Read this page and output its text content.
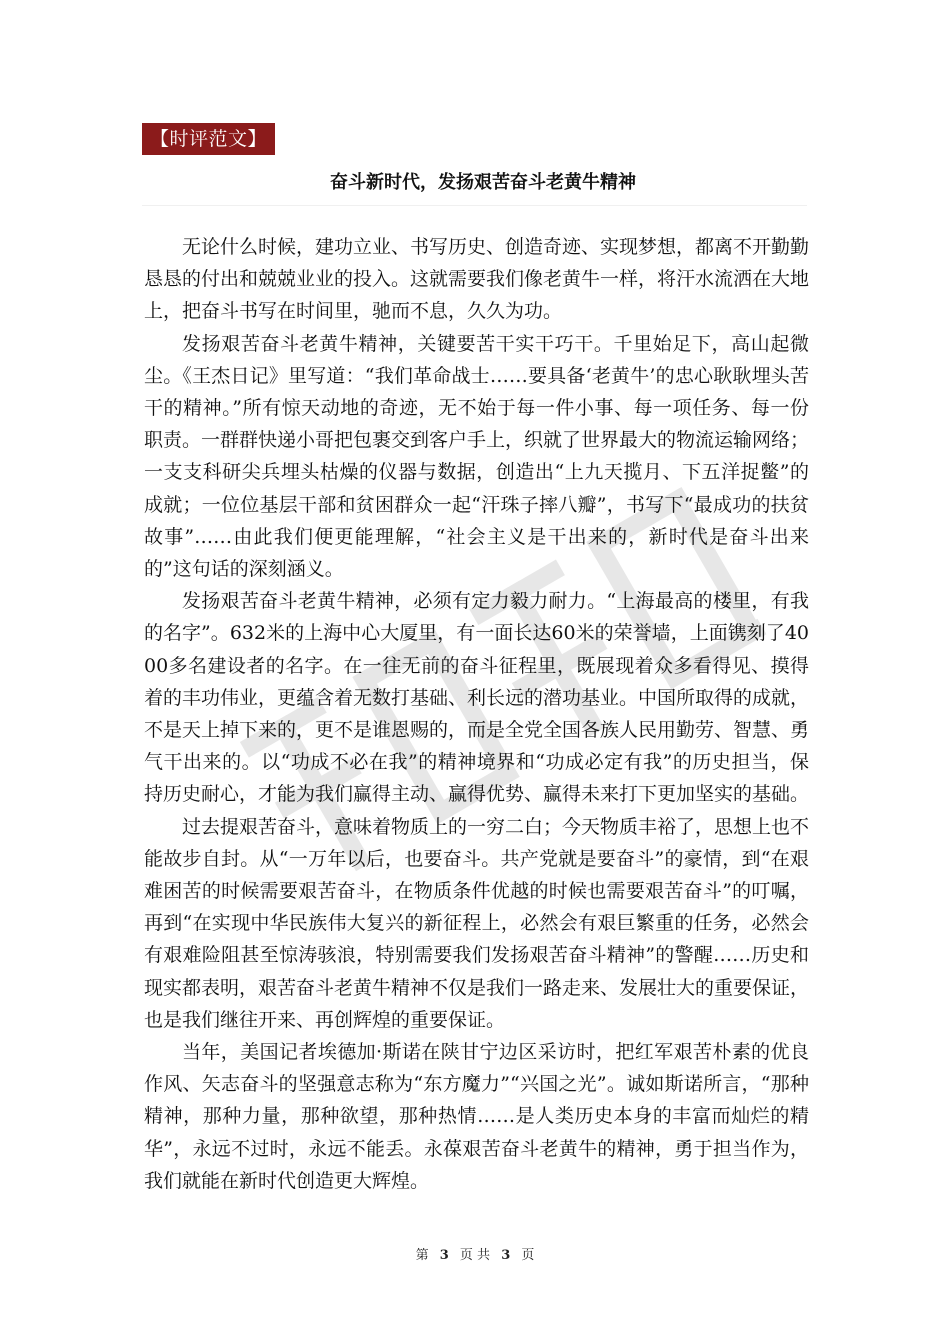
【时评范文】
奋斗新时代，发扬艰苦奋斗老黄牛精神

无论什么时候，建功立业、书写历史、创造奇迹、实现梦想，都离不开勤勤恳恳的付出和兢兢业业的投入。这就需要我们像老黄牛一样，将汗水流洒在大地上，把奋斗书写在时间里，驰而不息，久久为功。

发扬艰苦奋斗老黄牛精神，关键要苦干实干巧干。千里始足下，高山起微尘。《王杰日记》里写道：“我们革命战士……要具备‘老黄牛’的忠心耿耿埋头苦干的精神。”所有惊天动地的奇迹，无不始于每一件小事、每一项任务、每一份职责。一群群快递小哥把包裹交到客户手上，织就了世界最大的物流运输网络；一支支科研尖兵埋头枯燥的仪器与数据，创造出“上九天揽月、下五洋捉鳖”的成就；一位位基层干部和贫困群众一起“汗珠子摔八瓣”，书写下“最成功的扶贫故事”……由此我们便更能理解，“社会主义是干出来的，新时代是奋斗出来的”这句话的深刻涵义。

发扬艰苦奋斗老黄牛精神，必须有定力毅力耐力。“上海最高的楼里，有我的名字”。632米的上海中心大厦里，有一面长达60米的荣誉墙，上面镌刻了4000多名建设者的名字。在一往无前的奋斗征程里，既展现着众多看得见、摸得着的丰功伟业，更蕴含着无数打基础、利长远的潜功基业。中国所取得的成就，不是天上掉下来的，更不是谁恩赐的，而是全党全国各族人民用勤劳、智慧、勇气干出来的。以“功成不必在我”的精神境界和“功成必定有我”的历史担当，保持历史耐心，才能为我们赢得主动、赢得优势、赢得未来打下更加坚实的基础。

过去提艰苦奋斗，意味着物质上的一穷二白；今天物质丰裕了，思想上也不能故步自封。从“一万年以后，也要奋斗。共产党就是要奋斗”的豪情，到“在艰难困苦的时候需要艰苦奋斗，在物质条件优越的时候也需要艰苦奋斗”的叮嘱，再到“在实现中华民族伟大复兴的新征程上，必然会有艰巨繁重的任务，必然会有艰难险阻甚至惊涛骇浪，特别需要我们发扬艰苦奋斗精神”的警醒……历史和现实都表明，艰苦奋斗老黄牛精神不仅是我们一路走来、发展壮大的重要保证，也是我们继往开来、再创辉煌的重要保证。

当年，美国记者埃德加·斯诺在陕甘宁边区采访时，把红军艰苦朴素的优良作风、矢志奋斗的坚强意志称为“东方魔力”“兴国之光”。诚如斯诺所言，“那种精神，那种力量，那种欲望，那种热情……是人类历史本身的丰富而灿烂的精华”，永远不过时，永远不能丢。永葆艰苦奋斗老黄牛的精神，勇于担当作为，我们就能在新时代创造更大辉煌。

第 3 页 共 3 页
